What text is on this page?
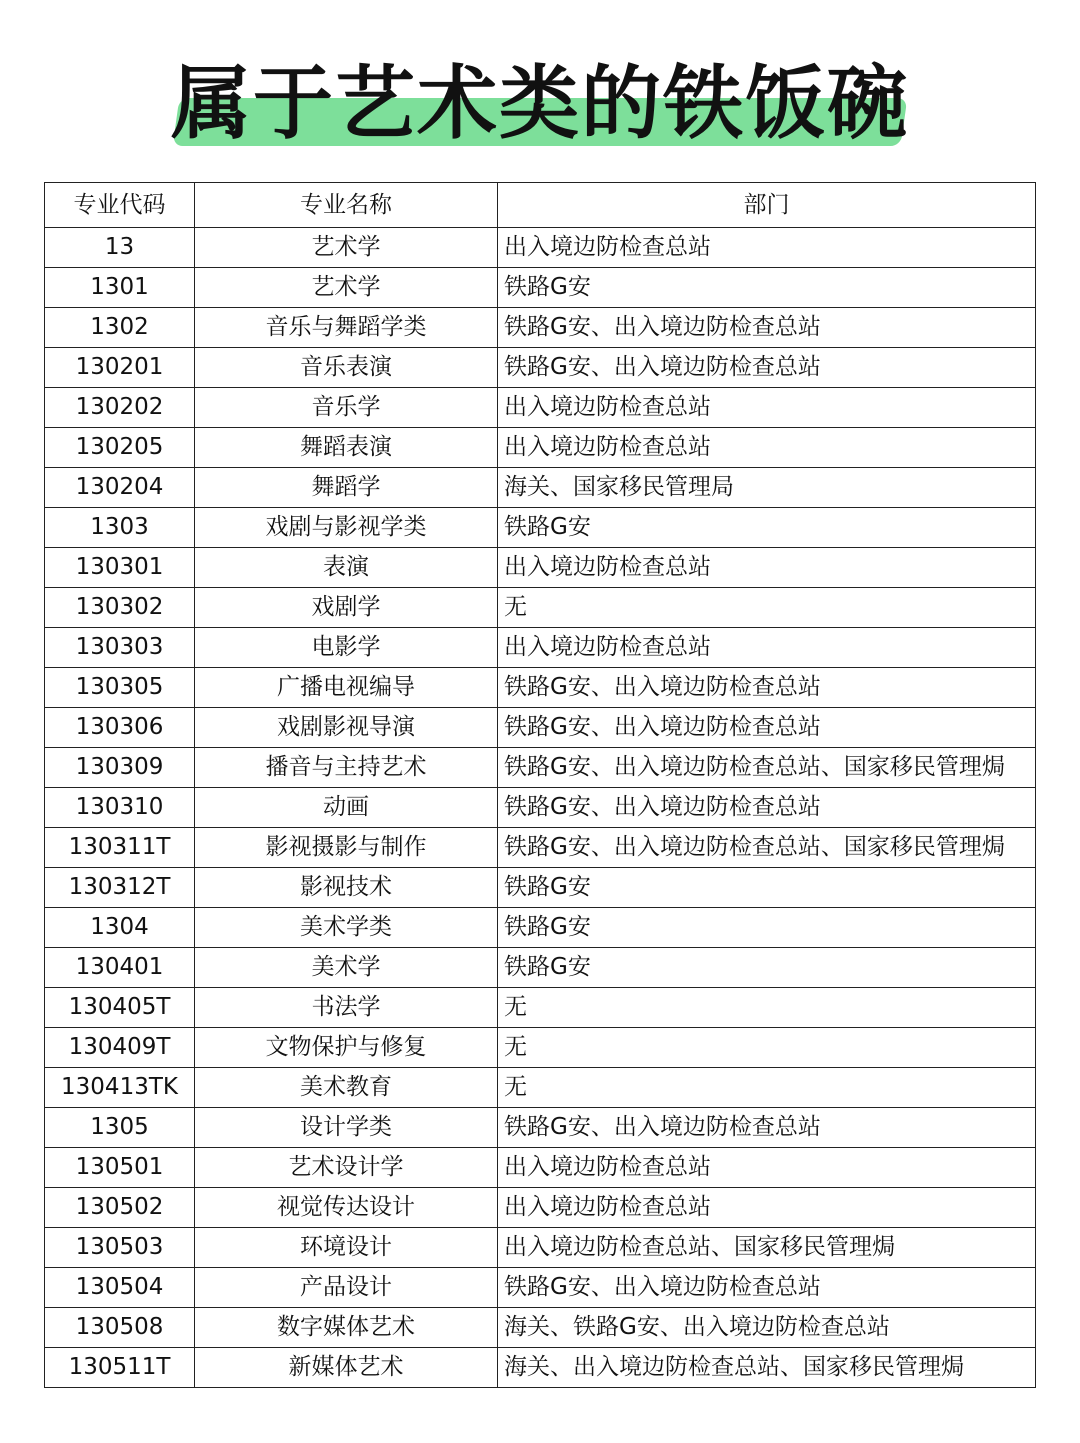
属于艺术类的铁饭碗
专业代码	专业名称	部门
13	艺术学	出入境边防检查总站
1301	艺术学	铁路G安
1302	音乐与舞蹈学类	铁路G安、出入境边防检查总站
130201	音乐表演	铁路G安、出入境边防检查总站
130202	音乐学	出入境边防检查总站
130205	舞蹈表演	出入境边防检查总站
130204	舞蹈学	海关、国家移民管理局
1303	戏剧与影视学类	铁路G安
130301	表演	出入境边防检查总站
130302	戏剧学	无
130303	电影学	出入境边防检查总站
130305	广播电视编导	铁路G安、出入境边防检查总站
130306	戏剧影视导演	铁路G安、出入境边防检查总站
130309	播音与主持艺术	铁路G安、出入境边防检查总站、国家移民管理焗
130310	动画	铁路G安、出入境边防检查总站
130311T	影视摄影与制作	铁路G安、出入境边防检查总站、国家移民管理焗
130312T	影视技术	铁路G安
1304	美术学类	铁路G安
130401	美术学	铁路G安
130405T	书法学	无
130409T	文物保护与修复	无
130413TK	美术教育	无
1305	设计学类	铁路G安、出入境边防检查总站
130501	艺术设计学	出入境边防检查总站
130502	视觉传达设计	出入境边防检查总站
130503	环境设计	出入境边防检查总站、国家移民管理焗
130504	产品设计	铁路G安、出入境边防检查总站
130508	数字媒体艺术	海关、铁路G安、出入境边防检查总站
130511T	新媒体艺术	海关、出入境边防检查总站、国家移民管理焗
